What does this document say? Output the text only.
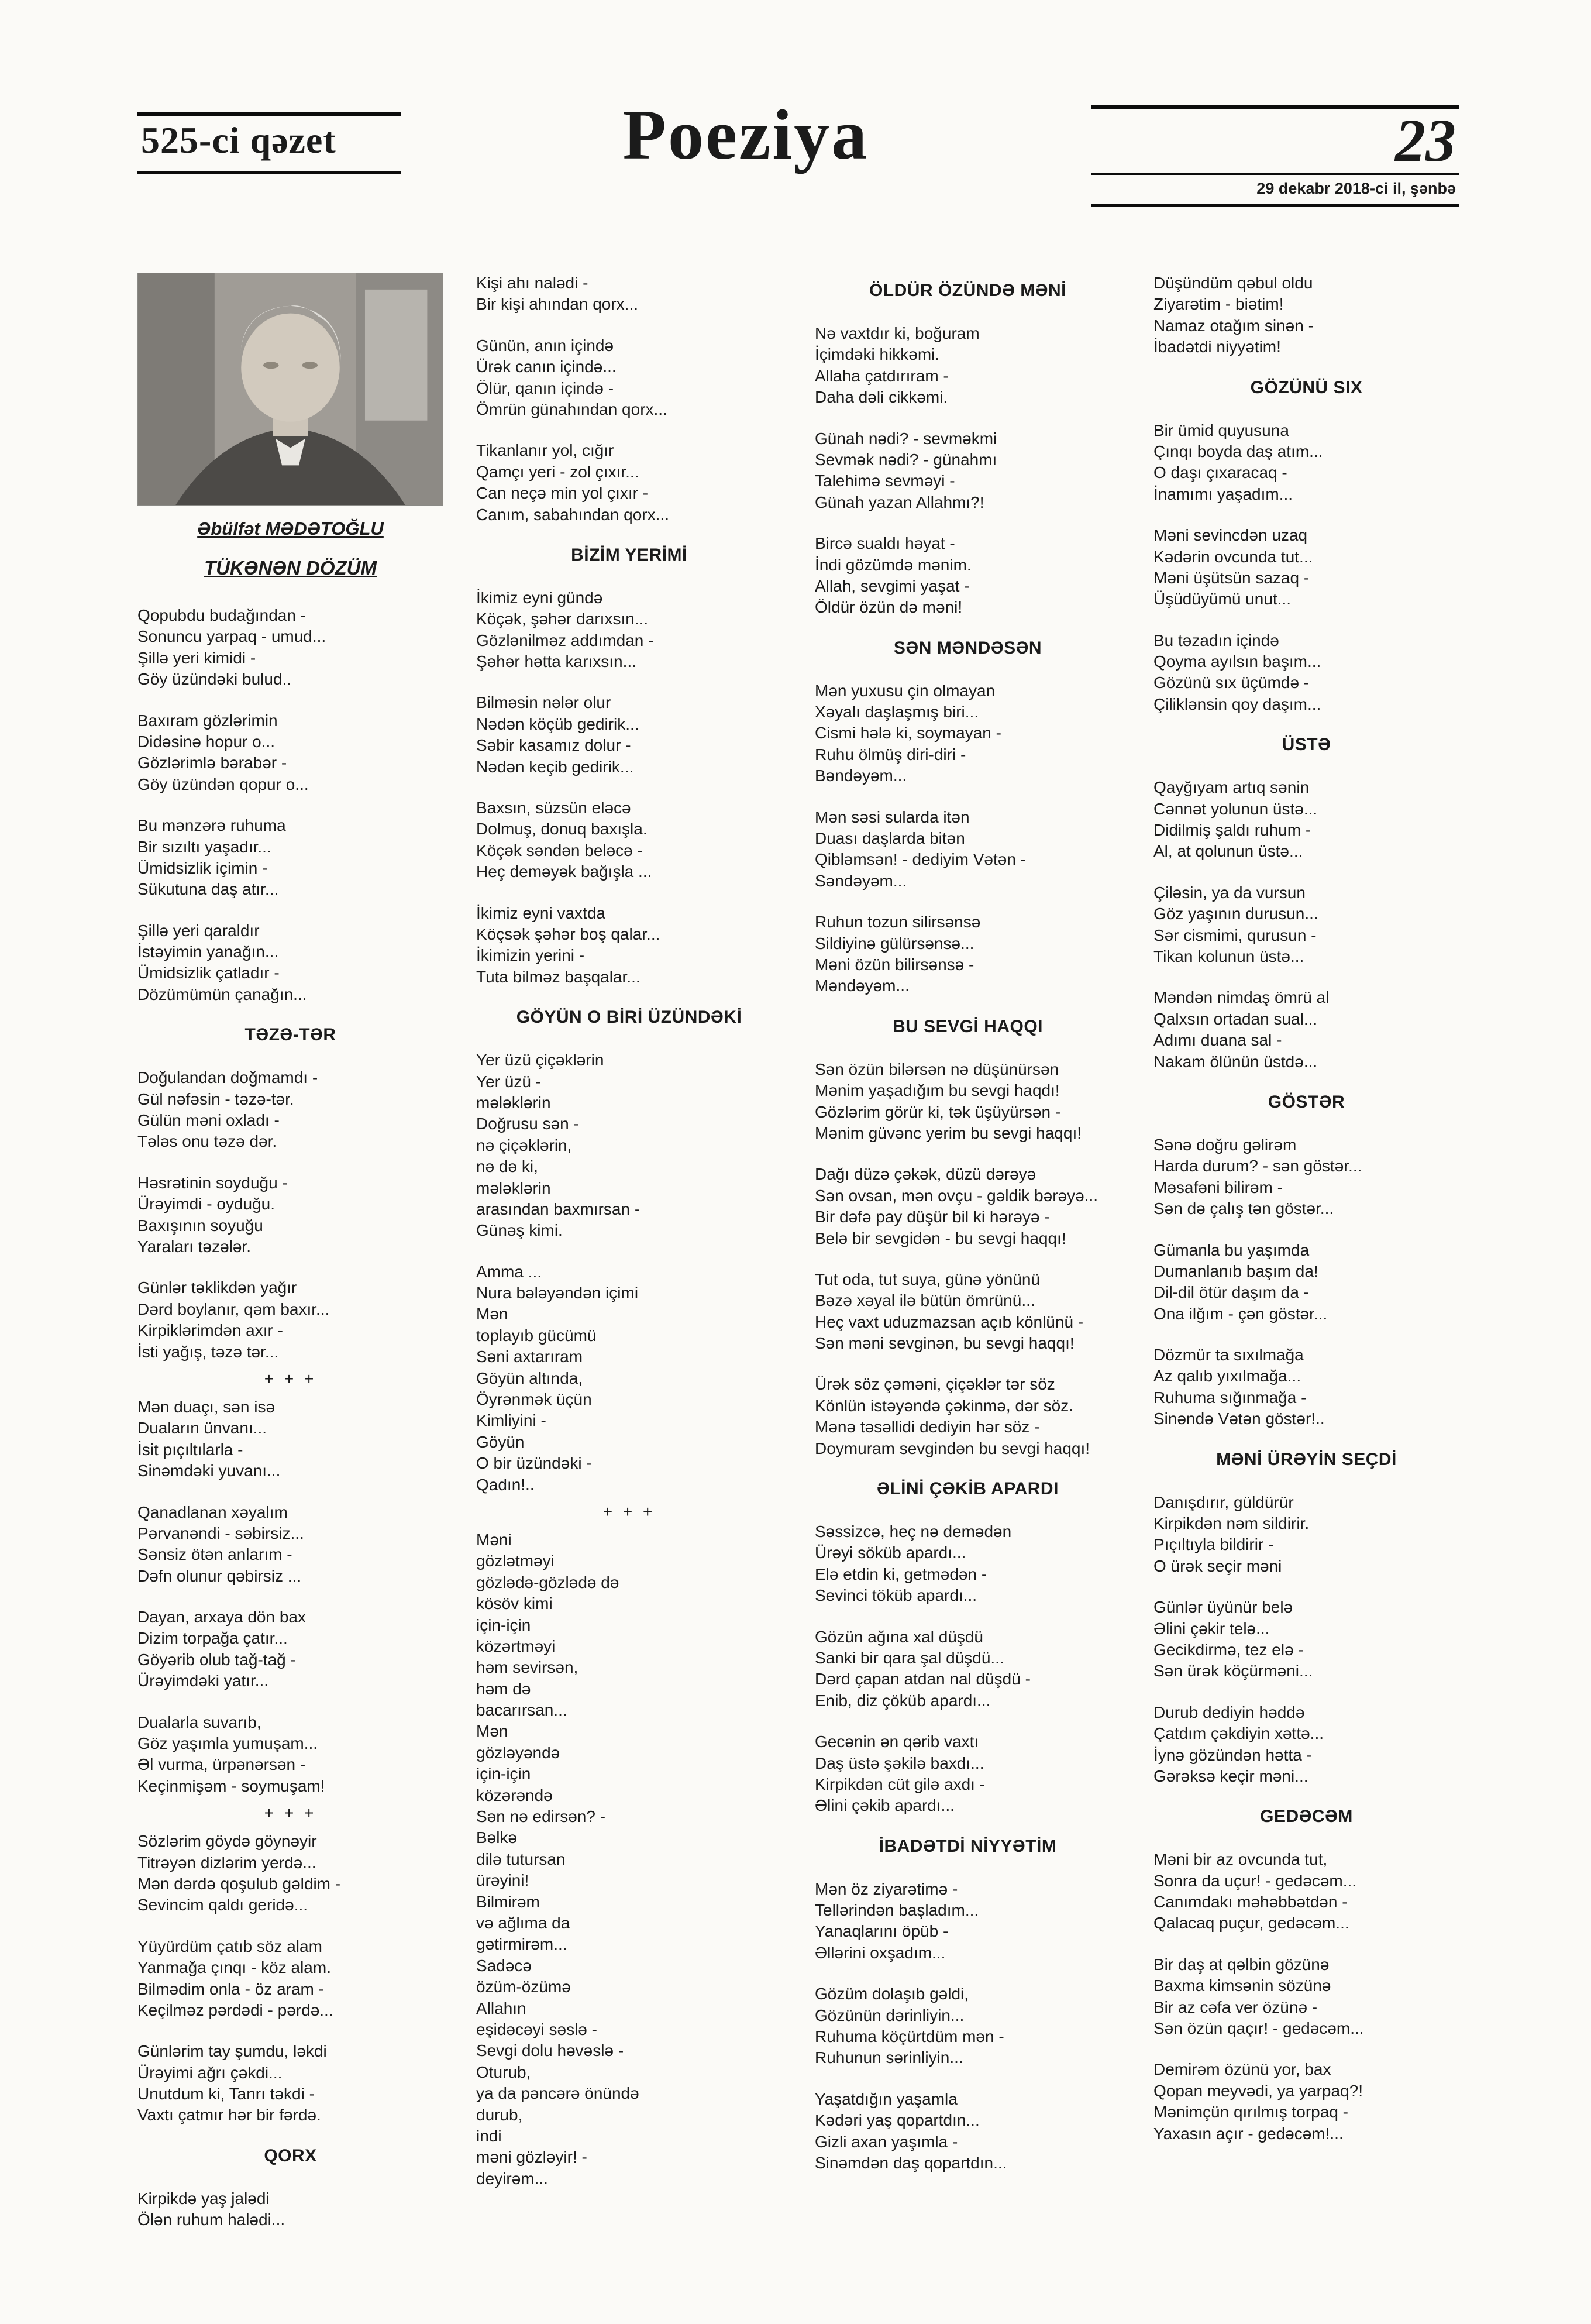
525-ci qəzet	Poeziya	23
29 dekabr 2018-ci il, şənbə
Əbülfət MƏDƏTOĞLU
TÜKƏNƏN DÖZÜM

Qopubdu budağından -
Sonuncu yarpaq - umud...
Şillə yeri kimidi -
Göy üzündəki bulud..

Baxıram gözlərimin
Didəsinə hopur o...
Gözlərimlə bərabər -
Göy üzündən qopur o...

Bu mənzərə ruhuma
Bir sızıltı yaşadır...
Ümidsizlik içimin -
Sükutuna daş atır...

Şillə yeri qaraldır
İstəyimin yanağın...
Ümidsizlik çatladır -
Dözümümün çanağın...

TƏZƏ-TƏR

Doğulandan doğmamdı -
Gül nəfəsin - təzə-tər.
Gülün məni oxladı -
Tələs onu təzə dər.

Həsrətinin soyduğu -
Ürəyimdi - oyduğu.
Baxışının soyuğu
Yaraları təzələr.

Günlər təklikdən yağır
Dərd boylanır, qəm baxır...
Kirpiklərimdən axır -
İsti yağış, təzə tər...

+ + +

Mən duaçı, sən isə
Duaların ünvanı...
İsit pıçıltılarla -
Sinəmdəki yuvanı...

Qanadlanan xəyalım
Pərvanəndi - səbirsiz...
Sənsiz ötən anlarım -
Dəfn olunur qəbirsiz ...

Dayan, arxaya dön bax
Dizim torpağa çatır...
Göyərib olub tağ-tağ -
Ürəyimdəki yatır...

Dualarla suvarıb,
Göz yaşımla yumuşam...
Əl vurma, ürpənərsən -
Keçinmişəm - soymuşam!

+ + +

Sözlərim göydə göynəyir
Titrəyən dizlərim yerdə...
Mən dərdə qoşulub gəldim -
Sevincim qaldı geridə...

Yüyürdüm çatıb söz alam
Yanmağa çınqı - köz alam.
Bilmədim onla - öz aram -
Keçilməz pərdədi - pərdə...

Günlərim tay şumdu, ləkdi
Ürəyimi ağrı çəkdi...
Unutdum ki, Tanrı təkdi -
Vaxtı çatmır hər bir fərdə.

QORX

Kirpikdə yaş jalədi
Ölən ruhum halədi...

Kişi ahı nalədi -
Bir kişi ahından qorx...

Günün, anın içində
Ürək canın içində...
Ölür, qanın içində -
Ömrün günahından qorx...

Tikanlanır yol, cığır
Qamçı yeri - zol çıxır...
Can neçə min yol çıxır -
Canım, sabahından qorx...

BİZİM YERİMİ

İkimiz eyni gündə
Köçək, şəhər darıxsın...
Gözlənilməz addımdan -
Şəhər hətta karıxsın...

Bilməsin nələr olur
Nədən köçüb gedirik...
Səbir kasamız dolur -
Nədən keçib gedirik...

Baxsın, süzsün eləcə
Dolmuş, donuq baxışla.
Köçək səndən beləcə -
Heç deməyək bağışla ...

İkimiz eyni vaxtda
Köçsək şəhər boş qalar...
İkimizin yerini -
Tuta bilməz başqalar...

GÖYÜN O BİRİ ÜZÜNDƏKİ

Yer üzü çiçəklərin
Yer üzü -
mələklərin
Doğrusu sən -
nə çiçəklərin,
nə də ki,
mələklərin
arasından baxmırsan -
Günəş kimi.

Amma ...
Nura bələyəndən içimi
Mən
toplayıb gücümü
Səni axtarıram
Göyün altında,
Öyrənmək üçün
Kimliyini -
Göyün
O bir üzündəki -
Qadın!..

+ + +

Məni
gözlətməyi
gözlədə-gözlədə də
kösöv kimi
için-için
közərtməyi
həm sevirsən,
həm də
bacarırsan...
Mən
gözləyəndə
için-için
közərəndə
Sən nə edirsən? -
Bəlkə
dilə tutursan
ürəyini!
Bilmirəm
və ağlıma da
gətirmirəm...
Sadəcə
özüm-özümə
Allahın
eşidəcəyi səslə -
Sevgi dolu həvəslə -
Oturub,
ya da pəncərə önündə
durub,
indi
məni gözləyir! -
deyirəm...

ÖLDÜR ÖZÜNDƏ MƏNİ

Nə vaxtdır ki, boğuram
İçimdəki hikkəmi.
Allaha çatdırıram -
Daha dəli cikkəmi.

Günah nədi? - sevməkmi
Sevmək nədi? - günahmı
Talehimə sevməyi -
Günah yazan Allahmı?!

Bircə sualdı həyat -
İndi gözümdə mənim.
Allah, sevgimi yaşat -
Öldür özün də məni!

SƏN MƏNDƏSƏN

Mən yuxusu çin olmayan
Xəyalı daşlaşmış biri...
Cismi hələ ki, soymayan -
Ruhu ölmüş diri-diri -
Bəndəyəm...

Mən səsi sularda itən
Duası daşlarda bitən
Qibləmsən! - dediyim Vətən -
Səndəyəm...

Ruhun tozun silirsənsə
Sildiyinə gülürsənsə...
Məni özün bilirsənsə -
Məndəyəm...

BU SEVGİ HAQQI

Sən özün bilərsən nə düşünürsən
Mənim yaşadığım bu sevgi haqdı!
Gözlərim görür ki, tək üşüyürsən -
Mənim güvənc yerim bu sevgi haqqı!

Dağı düzə çəkək, düzü dərəyə
Sən ovsan, mən ovçu - gəldik bərəyə...
Bir dəfə pay düşür bil ki hərəyə -
Belə bir sevgidən - bu sevgi haqqı!

Tut oda, tut suya, günə yönünü
Bəzə xəyal ilə bütün ömrünü...
Heç vaxt uduzmazsan açıb könlünü -
Sən məni sevginən, bu sevgi haqqı!

Ürək söz çəməni, çiçəklər tər söz
Könlün istəyəndə çəkinmə, dər söz.
Mənə təsəllidi dediyin hər söz -
Doymuram sevgindən bu sevgi haqqı!

ƏLİNİ ÇƏKİB APARDI

Səssizcə, heç nə demədən
Ürəyi söküb apardı...
Elə etdin ki, getmədən -
Sevinci töküb apardı...

Gözün ağına xal düşdü
Sanki bir qara şal düşdü...
Dərd çapan atdan nal düşdü -
Enib, diz çöküb apardı...

Gecənin ən qərib vaxtı
Daş üstə şəkilə baxdı...
Kirpikdən cüt gilə axdı -
Əlini çəkib apardı...

İBADƏTDİ NİYYƏTİM

Mən öz ziyarətimə -
Tellərindən başladım...
Yanaqlarını öpüb -
Əllərini oxşadım...

Gözüm dolaşıb gəldi,
Gözünün dərinliyin...
Ruhuma köçürtdüm mən -
Ruhunun sərinliyin...

Yaşatdığın yaşamla
Kədəri yaş qopartdın...
Gizli axan yaşımla -
Sinəmdən daş qopartdın...

Düşündüm qəbul oldu
Ziyarətim - biətim!
Namaz otağım sinən -
İbadətdi niyyətim!

GÖZÜNÜ SIX

Bir ümid quyusuna
Çınqı boyda daş atım...
O daşı çıxaracaq -
İnamımı yaşadım...

Məni sevincdən uzaq
Kədərin ovcunda tut...
Məni üşütsün sazaq -
Üşüdüyümü unut...

Bu təzadın içində
Qoyma ayılsın başım...
Gözünü sıx üçümdə -
Çiliklənsin qoy daşım...

ÜSTƏ

Qayğıyam artıq sənin
Cənnət yolunun üstə...
Didilmiş şaldı ruhum -
Al, at qolunun üstə...

Çiləsin, ya da vursun
Göz yaşının durusun...
Sər cismimi, qurusun -
Tikan kolunun üstə...

Məndən nimdaş ömrü al
Qalxsın ortadan sual...
Adımı duana sal -
Nakam ölünün üstdə...

GÖSTƏR

Sənə doğru gəlirəm
Harda durum? - sən göstər...
Məsafəni bilirəm -
Sən də çalış tən göstər...

Gümanla bu yaşımda
Dumanlanıb başım da!
Dil-dil ötür daşım da -
Ona ilğım - çən göstər...

Dözmür ta sıxılmağa
Az qalıb yıxılmağa...
Ruhuma sığınmağa -
Sinəndə Vətən göstər!..

MƏNİ ÜRƏYİN SEÇDİ

Danışdırır, güldürür
Kirpikdən nəm sildirir.
Pıçıltıyla bildirir -
O ürək seçir məni

Günlər üyünür belə
Əlini çəkir telə...
Gecikdirmə, tez elə -
Sən ürək köçürməni...

Durub dediyin həddə
Çatdım çəkdiyin xəttə...
İynə gözündən hətta -
Gərəksə keçir məni...

GEDƏCƏM

Məni bir az ovcunda tut,
Sonra da uçur! - gedəcəm...
Canımdakı məhəbbətdən -
Qalacaq puçur, gedəcəm...

Bir daş at qəlbin gözünə
Baxma kimsənin sözünə
Bir az cəfa ver özünə -
Sən özün qaçır! - gedəcəm...

Demirəm özünü yor, bax
Qopan meyvədi, ya yarpaq?!
Mənimçün qırılmış torpaq -
Yaxasın açır - gedəcəm!...
